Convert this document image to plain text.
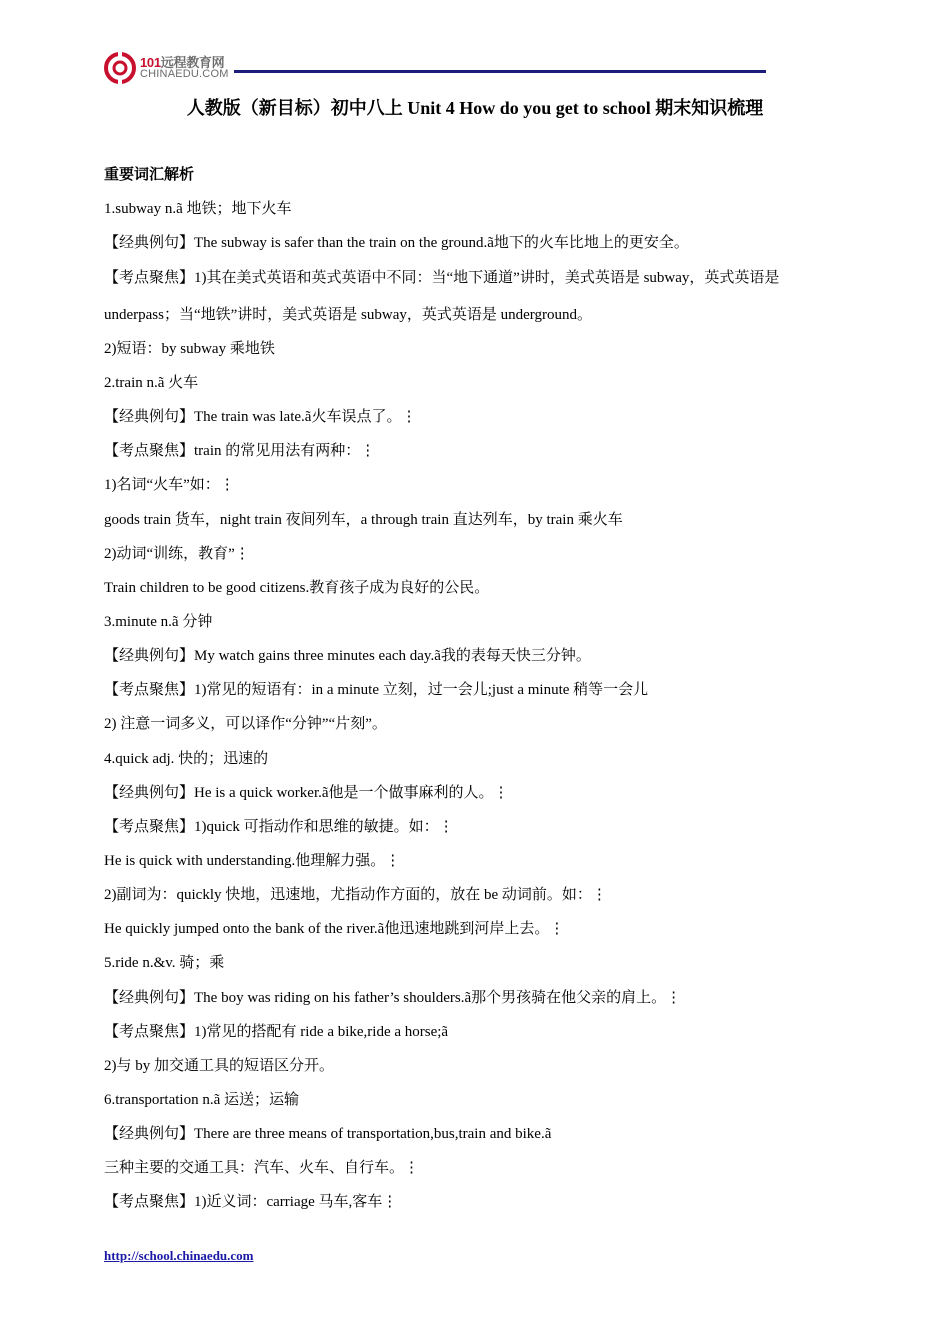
101远程教育网
CHINAEDU.COM
人教版（新目标）初中八上 Unit 4 How do you get to school 期末知识梳理
重要词汇解析
1.subway n.ã 地铁；地下火车
【经典例句】The subway is safer than the train on the ground.ã地下的火车比地上的更安全。
【考点聚焦】1)其在美式英语和英式英语中不同：当“地下通道”讲时，美式英语是 subway，英式英语是
underpass；当“地铁”讲时，美式英语是 subway，英式英语是 underground。
2)短语：by subway 乘地铁
2.train n.ã 火车
【经典例句】The train was late.ã火车误点了。⋮
【考点聚焦】train 的常见用法有两种：⋮
1)名词“火车”如：⋮
goods train 货车，night train 夜间列车，a through train 直达列车，by train 乘火车
2)动词“训练，教育”⋮
Train children to be good citizens.教育孩子成为良好的公民。
3.minute n.ã 分钟
【经典例句】My watch gains three minutes each day.ã我的表每天快三分钟。
【考点聚焦】1)常见的短语有：in a minute 立刻，过一会儿;just a minute 稍等一会儿
2) 注意一词多义，可以译作“分钟”“片刻”。
4.quick adj. 快的；迅速的
【经典例句】He is a quick worker.ã他是一个做事麻利的人。⋮
【考点聚焦】1)quick 可指动作和思维的敏捷。如：⋮
He is quick with understanding.他理解力强。⋮
2)副词为：quickly 快地，迅速地，尤指动作方面的，放在 be 动词前。如：⋮
He quickly jumped onto the bank of the river.ã他迅速地跳到河岸上去。⋮
5.ride n.&v. 骑；乘
【经典例句】The boy was riding on his father’s shoulders.ã那个男孩骑在他父亲的肩上。⋮
【考点聚焦】1)常见的搭配有 ride a bike,ride a horse;ã
2)与 by 加交通工具的短语区分开。
6.transportation n.ã 运送；运输
【经典例句】There are three means of transportation,bus,train and bike.ã
三种主要的交通工具：汽车、火车、自行车。⋮
【考点聚焦】1)近义词：carriage 马车,客车⋮
http://school.chinaedu.com
